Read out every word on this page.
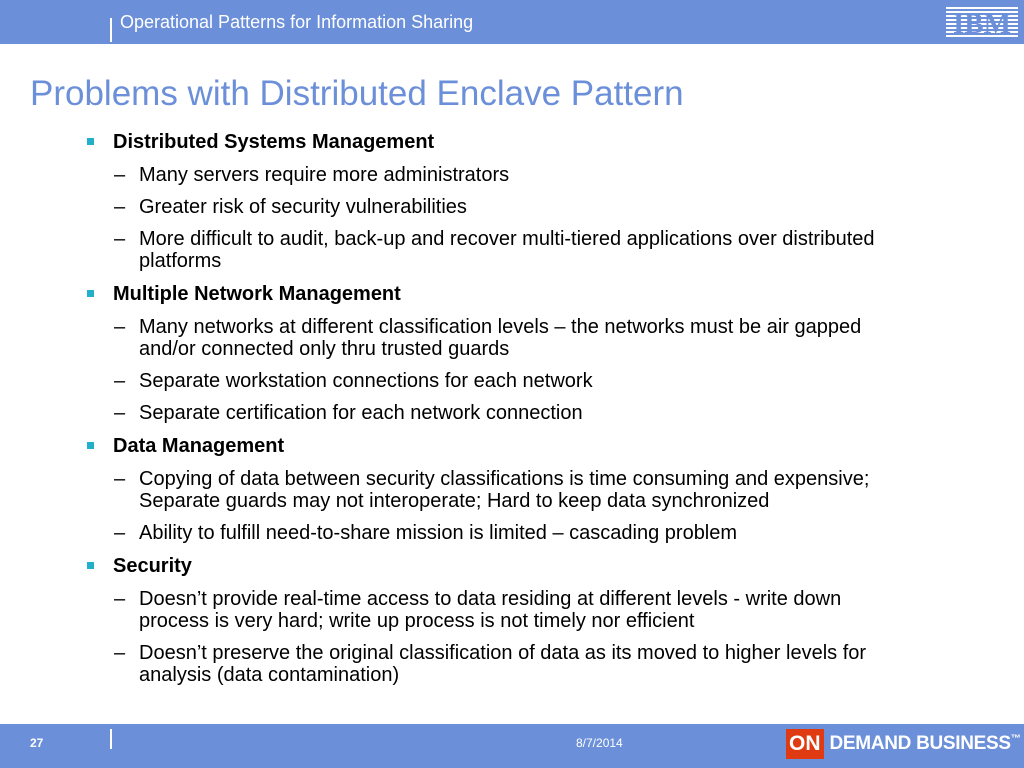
Operational Patterns for Information Sharing	IBM
Problems with Distributed Enclave Pattern
Distributed Systems Management
– Many servers require more administrators
– Greater risk of security vulnerabilities
– More difficult to audit, back-up and recover multi-tiered applications over distributed platforms
Multiple Network Management
– Many networks at different classification levels – the networks must be air gapped and/or connected only thru trusted guards
– Separate workstation connections for each network
– Separate certification for each network connection
Data Management
– Copying of data between security classifications is time consuming and expensive; Separate guards may not interoperate; Hard to keep data synchronized
– Ability to fulfill need-to-share mission is limited – cascading problem
Security
– Doesn’t provide real-time access to data residing at different levels - write down process is very hard; write up process is not timely nor efficient
– Doesn’t preserve the original classification of data as its moved to higher levels for analysis (data contamination)
27	8/7/2014	ON DEMAND BUSINESS™
